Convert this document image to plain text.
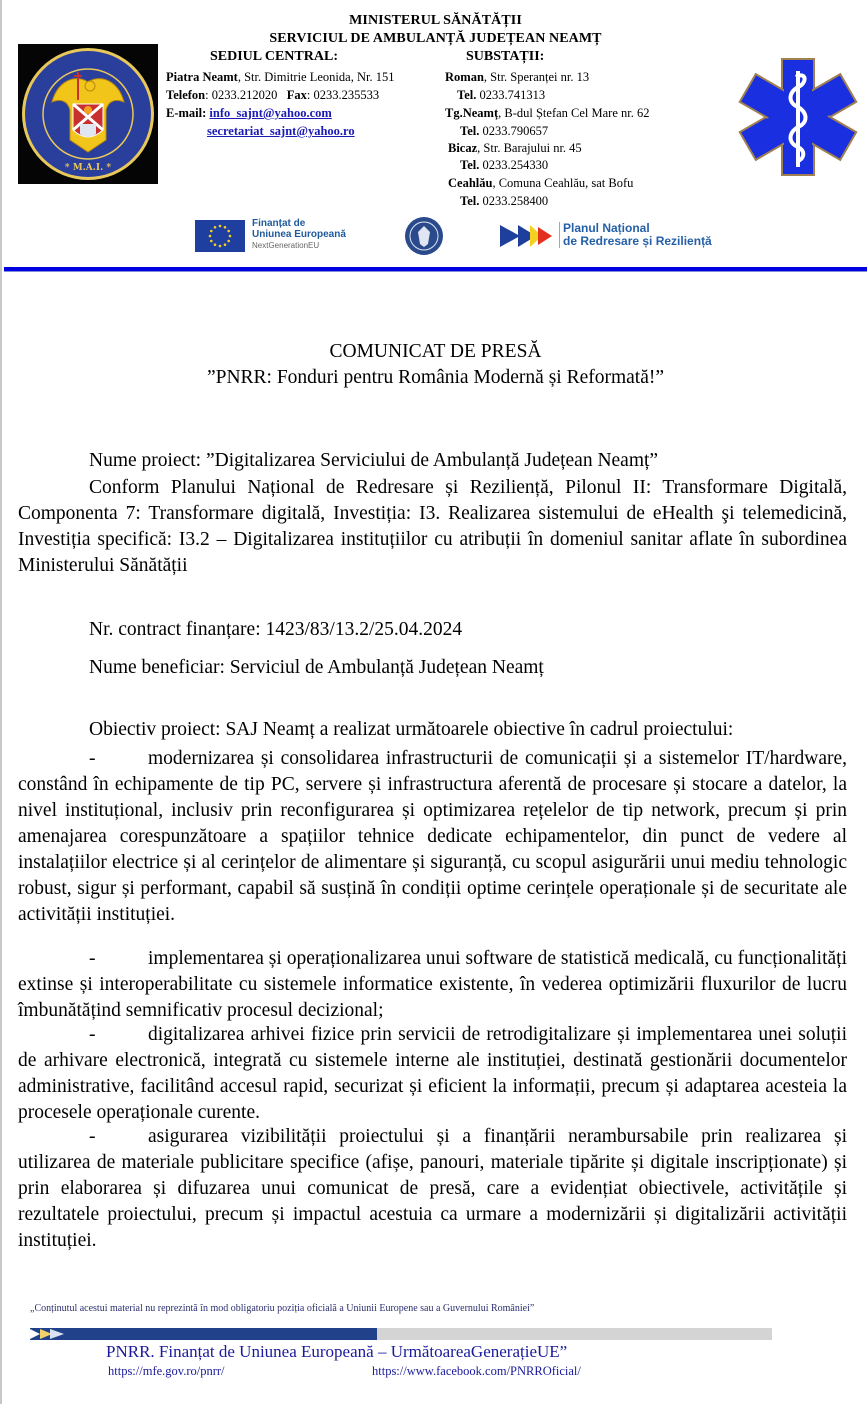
* M.A.I. *
MINISTERUL SĂNĂTĂȚII
SERVICIUL DE AMBULANȚĂ JUDEȚEAN NEAMȚ
SEDIUL CENTRAL:	SUBSTAȚII:
Piatra Neamt, Str. Dimitrie Leonida, Nr. 151
Telefon: 0233.212020 Fax: 0233.235533
E-mail: info_sajnt@yahoo.com
secretariat_sajnt@yahoo.ro
Roman, Str. Speranței nr. 13
Tel. 0233.741313
Tg.Neamț, B-dul Ștefan Cel Mare nr. 62
Tel. 0233.790657
Bicaz, Str. Barajului nr. 45
Tel. 0233.254330
Ceahlău, Comuna Ceahlău, sat Bofu
Tel. 0233.258400
Finanțat de
Uniunea Europeană
NextGenerationEU
Planul Național
de Redresare și Reziliență
COMUNICAT DE PRESĂ
”PNRR: Fonduri pentru România Modernă și Reformată!”
Nume proiect: ”Digitalizarea Serviciului de Ambulanță Județean Neamț”
Conform Planului Național de Redresare și Reziliență, Pilonul II: Transformare Digitală, Componenta 7: Transformare digitală, Investiția: I3. Realizarea sistemului de eHealth şi telemedicină, Investiția specifică: I3.2 – Digitalizarea instituțiilor cu atribuții în domeniul sanitar aflate în subordinea Ministerului Sănătății
Nr. contract finanțare: 1423/83/13.2/25.04.2024
Nume beneficiar: Serviciul de Ambulanță Județean Neamț
Obiectiv proiect: SAJ Neamț a realizat următoarele obiective în cadrul proiectului:
-	modernizarea și consolidarea infrastructurii de comunicații și a sistemelor IT/hardware, constând în echipamente de tip PC, servere și infrastructura aferentă de procesare și stocare a datelor, la nivel instituțional, inclusiv prin reconfigurarea și optimizarea rețelelor de tip network, precum și prin amenajarea corespunzătoare a spațiilor tehnice dedicate echipamentelor, din punct de vedere al instalațiilor electrice și al cerințelor de alimentare și siguranță, cu scopul asigurării unui mediu tehnologic robust, sigur și performant, capabil să susțină în condiții optime cerințele operaționale și de securitate ale activității instituției.
-	implementarea și operaționalizarea unui software de statistică medicală, cu funcționalități extinse și interoperabilitate cu sistemele informatice existente, în vederea optimizării fluxurilor de lucru îmbunătățind semnificativ procesul decizional;
-	digitalizarea arhivei fizice prin servicii de retrodigitalizare și implementarea unei soluții de arhivare electronică, integrată cu sistemele interne ale instituției, destinată gestionării documentelor administrative, facilitând accesul rapid, securizat și eficient la informații, precum și adaptarea acesteia la procesele operaționale curente.
-	asigurarea vizibilității proiectului și a finanțării nerambursabile prin realizarea și utilizarea de materiale publicitare specifice (afișe, panouri, materiale tipărite și digitale inscripționate) și prin elaborarea și difuzarea unui comunicat de presă, care a evidențiat obiectivele, activitățile și rezultatele proiectului, precum și impactul acestuia ca urmare a modernizării și digitalizării activității instituției.
„Conținutul acestui material nu reprezintă în mod obligatoriu poziția oficială a Uniunii Europene sau a Guvernului României”
PNRR. Finanțat de Uniunea Europeană – UrmătoareaGenerațieUE”
https://mfe.gov.ro/pnrr/	https://www.facebook.com/PNRROficial/
